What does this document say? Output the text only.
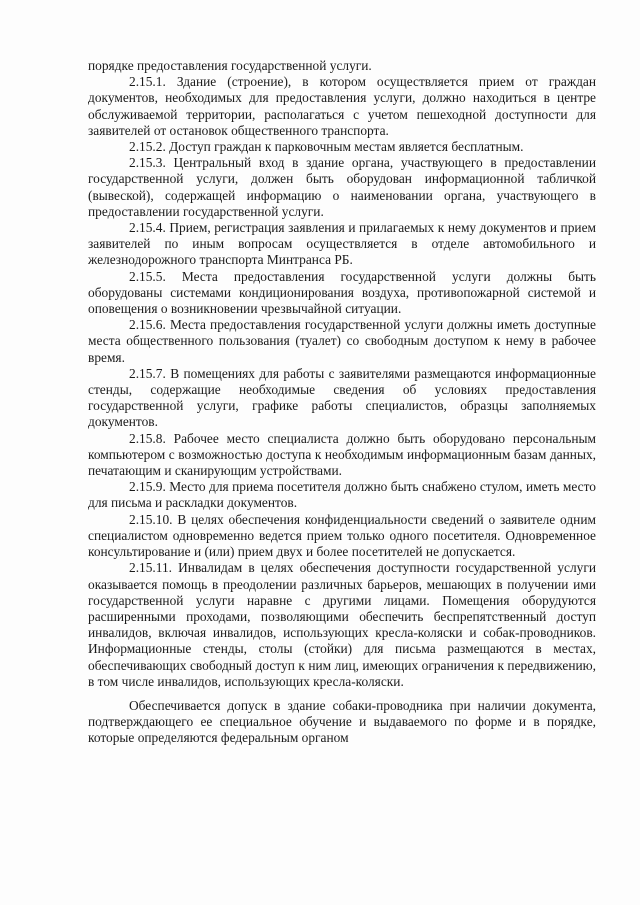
порядке предоставления государственной услуги.

2.15.1. Здание (строение), в котором осуществляется прием от граждан документов, необходимых для предоставления услуги, должно находиться в центре обслуживаемой территории, располагаться с учетом пешеходной доступности для заявителей от остановок общественного транспорта.

2.15.2. Доступ граждан к парковочным местам является бесплатным.

2.15.3. Центральный вход в здание органа, участвующего в предоставлении государственной услуги, должен быть оборудован информационной табличкой (вывеской), содержащей информацию о наименовании органа, участвующего в предоставлении государственной услуги.

2.15.4. Прием, регистрация заявления и прилагаемых к нему документов и прием заявителей по иным вопросам осуществляется в отделе автомобильного и железнодорожного транспорта Минтранса РБ.

2.15.5. Места предоставления государственной услуги должны быть оборудованы системами кондиционирования воздуха, противопожарной системой и оповещения о возникновении чрезвычайной ситуации.

2.15.6. Места предоставления государственной услуги должны иметь доступные места общественного пользования (туалет) со свободным доступом к нему в рабочее время.

2.15.7. В помещениях для работы с заявителями размещаются информационные стенды, содержащие необходимые сведения об условиях предоставления государственной услуги, графике работы специалистов, образцы заполняемых документов.

2.15.8. Рабочее место специалиста должно быть оборудовано персональным компьютером с возможностью доступа к необходимым информационным базам данных, печатающим и сканирующим устройствами.

2.15.9. Место для приема посетителя должно быть снабжено стулом, иметь место для письма и раскладки документов.

2.15.10. В целях обеспечения конфиденциальности сведений о заявителе одним специалистом одновременно ведется прием только одного посетителя. Одновременное консультирование и (или) прием двух и более посетителей не допускается.

2.15.11. Инвалидам в целях обеспечения доступности государственной услуги оказывается помощь в преодолении различных барьеров, мешающих в получении ими государственной услуги наравне с другими лицами. Помещения оборудуются расширенными проходами, позволяющими обеспечить беспрепятственный доступ инвалидов, включая инвалидов, использующих кресла-коляски и собак-проводников. Информационные стенды, столы (стойки) для письма размещаются в местах, обеспечивающих свободный доступ к ним лиц, имеющих ограничения к передвижению, в том числе инвалидов, использующих кресла-коляски.

Обеспечивается допуск в здание собаки-проводника при наличии документа, подтверждающего ее специальное обучение и выдаваемого по форме и в порядке, которые определяются федеральным органом
